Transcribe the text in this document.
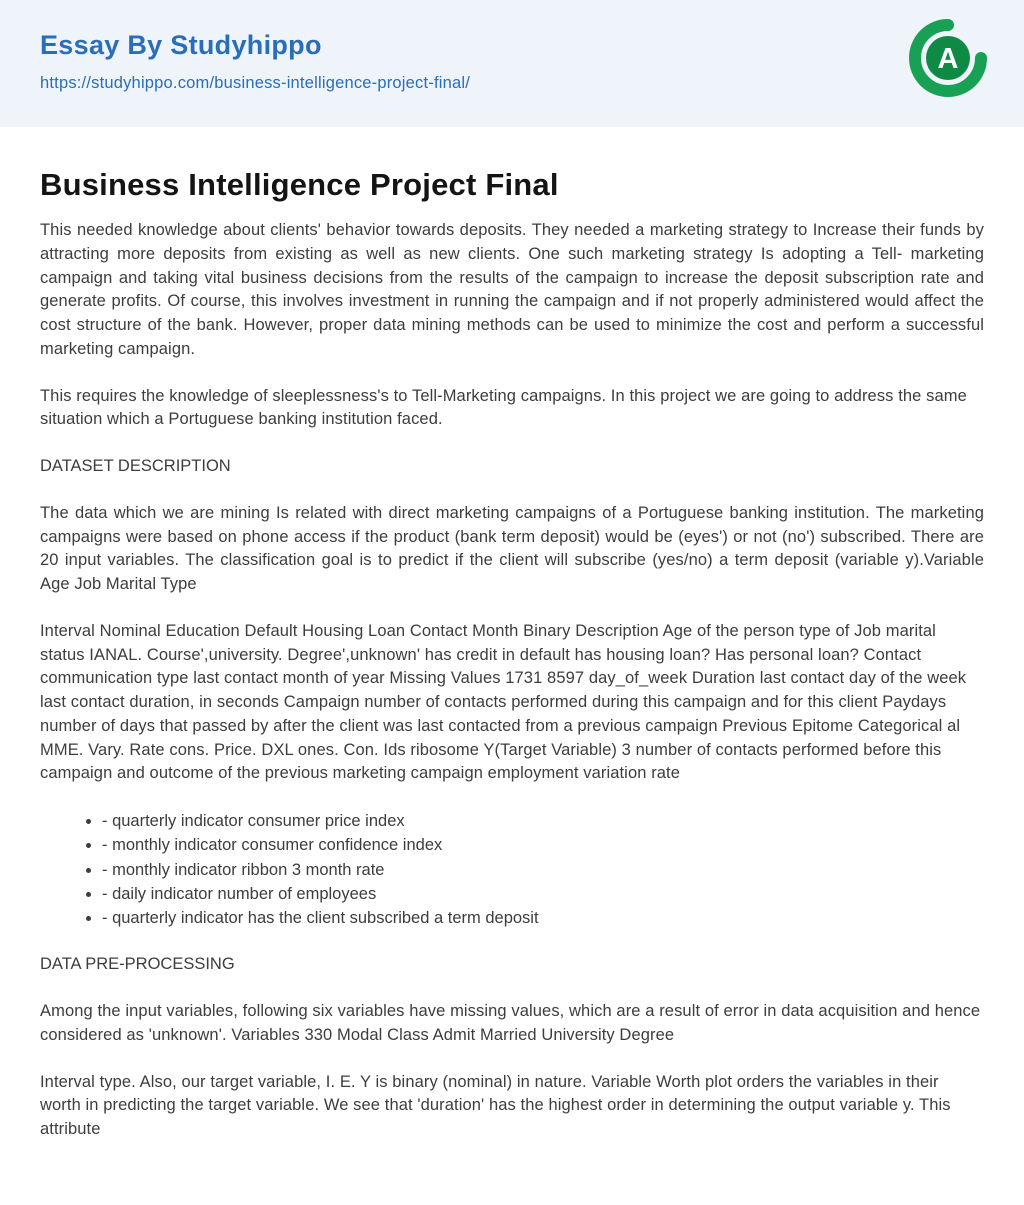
Essay By Studyhippo
https://studyhippo.com/business-intelligence-project-final/
A
Business Intelligence Project Final

This needed knowledge about clients' behavior towards deposits. They needed a marketing strategy to Increase their funds by attracting more deposits from existing as well as new clients. One such marketing strategy Is adopting a Tell- marketing campaign and taking vital business decisions from the results of the campaign to increase the deposit subscription rate and generate profits. Of course, this involves investment in running the campaign and if not properly administered would affect the cost structure of the bank. However, proper data mining methods can be used to minimize the cost and perform a successful marketing campaign.

This requires the knowledge of sleeplessness's to Tell-Marketing campaigns. In this project we are going to address the same situation which a Portuguese banking institution faced.

DATASET DESCRIPTION

The data which we are mining Is related with direct marketing campaigns of a Portuguese banking institution. The marketing campaigns were based on phone access if the product (bank term deposit) would be (eyes') or not (no') subscribed. There are 20 input variables. The classification goal is to predict if the client will subscribe (yes/no) a term deposit (variable y).Variable Age Job Marital Type

Interval Nominal Education Default Housing Loan Contact Month Binary Description Age of the person type of Job marital status IANAL. Course',university. Degree',unknown' has credit in default has housing loan? Has personal loan? Contact communication type last contact month of year Missing Values 1731 8597 day_of_week Duration last contact day of the week last contact duration, in seconds Campaign number of contacts performed during this campaign and for this client Paydays number of days that passed by after the client was last contacted from a previous campaign Previous Epitome Categorical al MME. Vary. Rate cons. Price. DXL ones. Con. Ids ribosome Y(Target Variable) 3 number of contacts performed before this campaign and outcome of the previous marketing campaign employment variation rate

• - quarterly indicator consumer price index
• - monthly indicator consumer confidence index
• - monthly indicator ribbon 3 month rate
• - daily indicator number of employees
• - quarterly indicator has the client subscribed a term deposit
DATA PRE-PROCESSING

Among the input variables, following six variables have missing values, which are a result of error in data acquisition and hence considered as 'unknown'. Variables 330 Modal Class Admit Married University Degree

Interval type. Also, our target variable, I. E. Y is binary (nominal) in nature. Variable Worth plot orders the variables in their worth in predicting the target variable. We see that 'duration' has the highest order in determining the output variable y. This attribute
